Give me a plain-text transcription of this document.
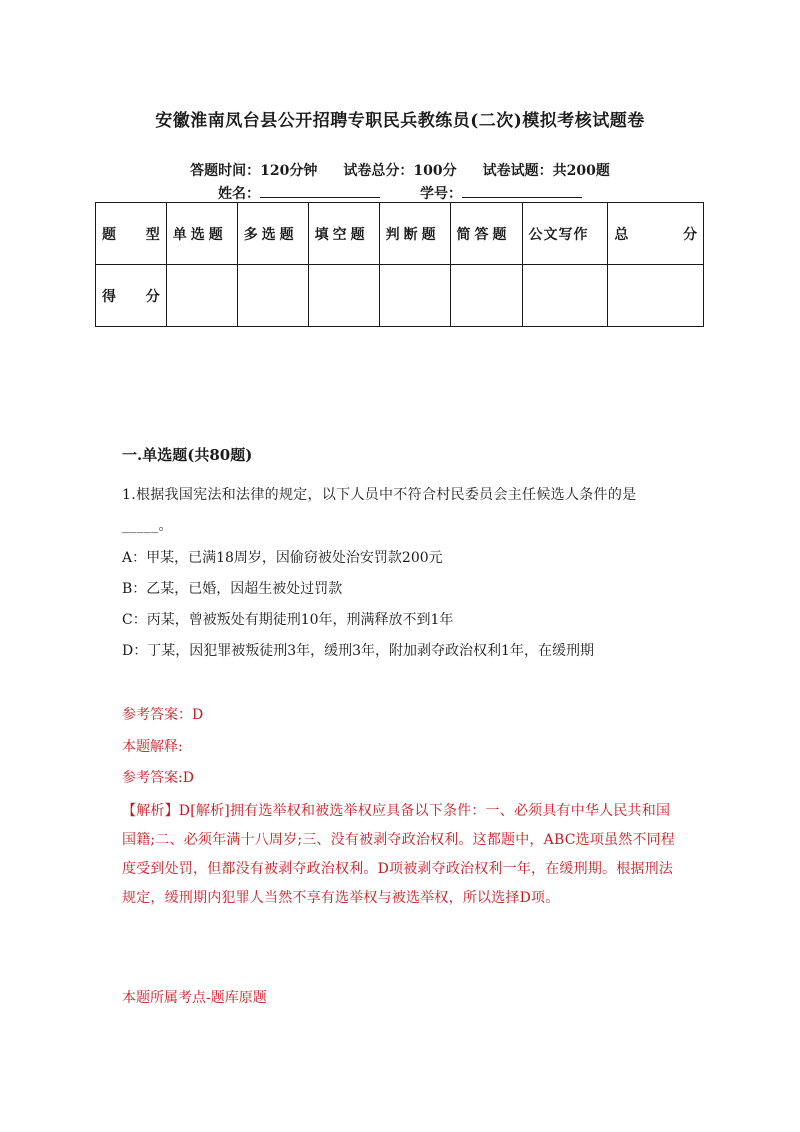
安徽淮南凤台县公开招聘专职民兵教练员(二次)模拟考核试题卷
答题时间：120分钟 试卷总分：100分 试卷试题：共200题
姓名：	学号：
题 型	单选题	多选题	填空题	判断题	简答题	公文写作	总 分

得 分							

一.单选题(共80题)
1.根据我国宪法和法律的规定，以下人员中不符合村民委员会主任候选人条件的是_____。
A：甲某，已满18周岁，因偷窃被处治安罚款200元
B：乙某，已婚，因超生被处过罚款
C：丙某，曾被叛处有期徒刑10年，刑满释放不到1年
D：丁某，因犯罪被叛徒刑3年，缓刑3年，附加剥夺政治权利1年，在缓刑期
参考答案：D
本题解释:
参考答案:D
【解析】D[解析]拥有选举权和被选举权应具备以下条件：一、必须具有中华人民共和国国籍;二、必须年满十八周岁;三、没有被剥夺政治权利。这都题中，ABC选项虽然不同程度受到处罚，但都没有被剥夺政治权利。D项被剥夺政治权利一年，在缓刑期。根据刑法规定，缓刑期内犯罪人当然不享有选举权与被选举权，所以选择D项。
本题所属考点-题库原题
